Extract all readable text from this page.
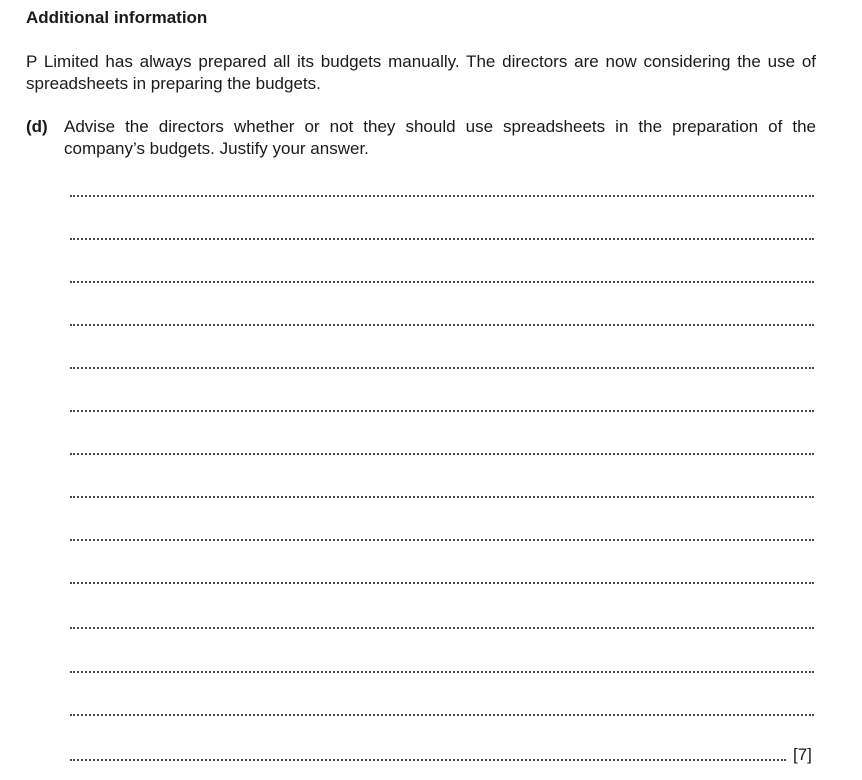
Additional information

P Limited has always prepared all its budgets manually. The directors are now considering the use of spreadsheets in preparing the budgets.

(d) Advise the directors whether or not they should use spreadsheets in the preparation of the company’s budgets. Justify your answer.

[7]
